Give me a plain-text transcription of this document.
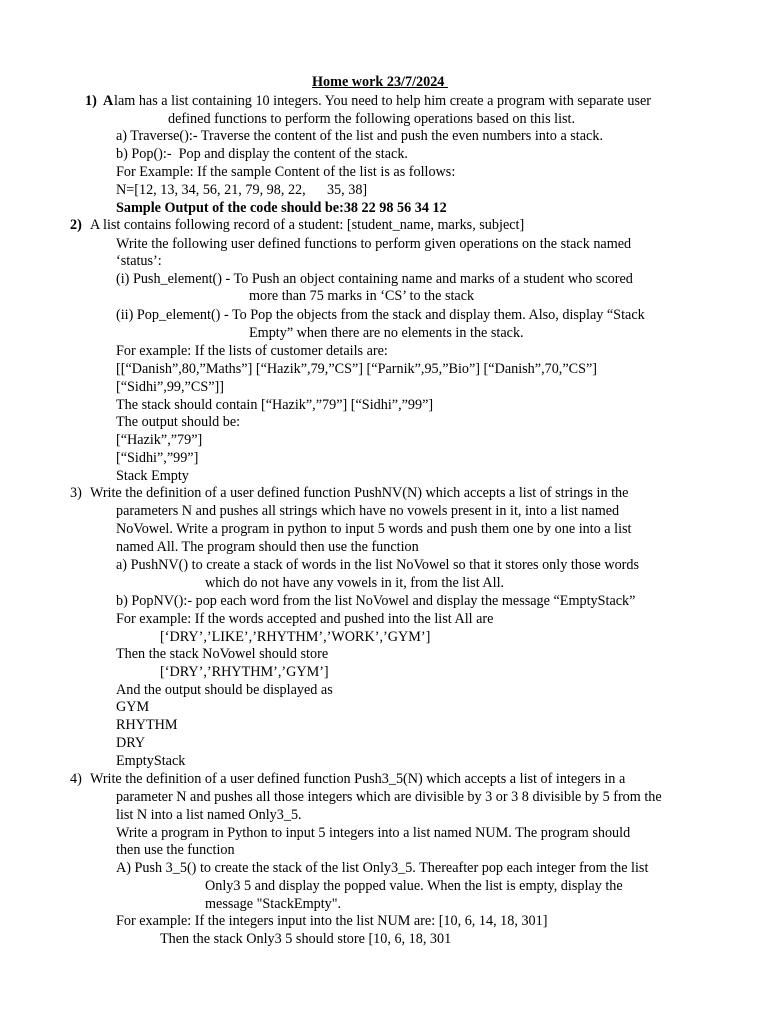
Home work 23/7/2024
1) A lam has a list containing 10 integers. You need to help him create a program with separate user
defined functions to perform the following operations based on this list.
a) Traverse():- Traverse the content of the list and push the even numbers into a stack.
b) Pop():-  Pop and display the content of the stack.
For Example: If the sample Content of the list is as follows:
N=[12, 13, 34, 56, 21, 79, 98, 22,      35, 38]
Sample Output of the code should be:38 22 98 56 34 12
2) A list contains following record of a student: [student_name, marks, subject]
Write the following user defined functions to perform given operations on the stack named
‘status’:
(i) Push_element() - To Push an object containing name and marks of a student who scored
more than 75 marks in ‘CS’ to the stack
(ii) Pop_element() - To Pop the objects from the stack and display them. Also, display “Stack
Empty” when there are no elements in the stack.
For example: If the lists of customer details are:
[[“Danish”,80,”Maths”] [“Hazik”,79,”CS”] [“Parnik”,95,”Bio”] [“Danish”,70,”CS”]
[“Sidhi”,99,”CS”]]
The stack should contain [“Hazik”,”79”] [“Sidhi”,”99”]
The output should be:
[“Hazik”,”79”]
[“Sidhi”,”99”]
Stack Empty
3) Write the definition of a user defined function PushNV(N) which accepts a list of strings in the
parameters N and pushes all strings which have no vowels present in it, into a list named
NoVowel. Write a program in python to input 5 words and push them one by one into a list
named All. The program should then use the function
a) PushNV() to create a stack of words in the list NoVowel so that it stores only those words
which do not have any vowels in it, from the list All.
b) PopNV():- pop each word from the list NoVowel and display the message “EmptyStack”
For example: If the words accepted and pushed into the list All are
[‘DRY’,’LIKE’,’RHYTHM’,’WORK’,’GYM’]
Then the stack NoVowel should store
[‘DRY’,’RHYTHM’,’GYM’]
And the output should be displayed as
GYM
RHYTHM
DRY
EmptyStack
4) Write the definition of a user defined function Push3_5(N) which accepts a list of integers in a
parameter N and pushes all those integers which are divisible by 3 or 3 8 divisible by 5 from the
list N into a list named Only3_5.
Write a program in Python to input 5 integers into a list named NUM. The program should
then use the function
A) Push 3_5() to create the stack of the list Only3_5. Thereafter pop each integer from the list
Only3 5 and display the popped value. When the list is empty, display the
message "StackEmpty".
For example: If the integers input into the list NUM are: [10, 6, 14, 18, 301]
Then the stack Only3 5 should store [10, 6, 18, 301
